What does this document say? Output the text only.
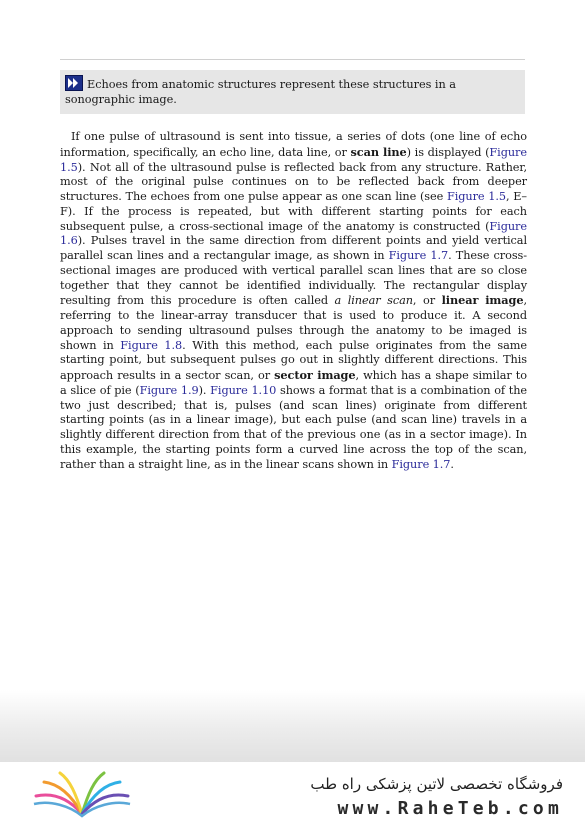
Echoes from anatomic structures represent these structures in a sonographic image.

If one pulse of ultrasound is sent into tissue, a series of dots (one line of echo information, specifically, an echo line, data line, or scan line) is displayed (Figure 1.5). Not all of the ultrasound pulse is reflected back from any structure. Rather, most of the original pulse continues on to be reflected back from deeper structures. The echoes from one pulse appear as one scan line (see Figure 1.5, E–F). If the process is repeated, but with different starting points for each subsequent pulse, a cross-sectional image of the anatomy is constructed (Figure 1.6). Pulses travel in the same direction from different points and yield vertical parallel scan lines and a rectangular image, as shown in Figure 1.7. These cross-sectional images are produced with vertical parallel scan lines that are so close together that they cannot be identified individually. The rectangular display resulting from this procedure is often called a linear scan, or linear image, referring to the linear-array transducer that is used to produce it. A second approach to sending ultrasound pulses through the anatomy to be imaged is shown in Figure 1.8. With this method, each pulse originates from the same starting point, but subsequent pulses go out in slightly different directions. This approach results in a sector scan, or sector image, which has a shape similar to a slice of pie (Figure 1.9). Figure 1.10 shows a format that is a combination of the two just described; that is, pulses (and scan lines) originate from different starting points (as in a linear image), but each pulse (and scan line) travels in a slightly different direction from that of the previous one (as in a sector image). In this example, the starting points form a curved line across the top of the scan, rather than a straight line, as in the linear scans shown in Figure 1.7.

فروشگاه تخصصی لاتین پزشکی راه طب
www.RaheTeb.com
